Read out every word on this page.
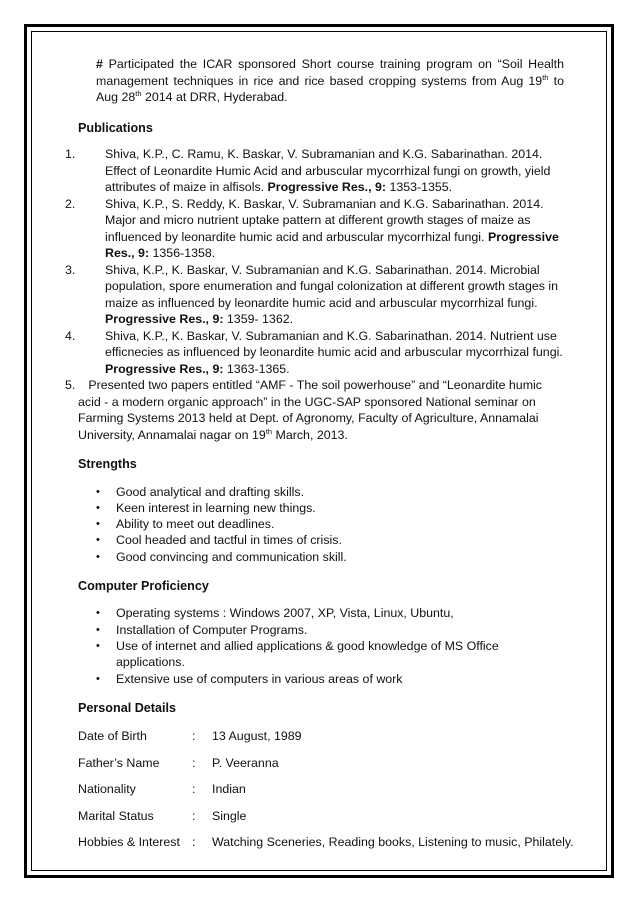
# Participated the ICAR sponsored Short course training program on “Soil Health management techniques in rice and rice based cropping systems from Aug 19th to Aug 28th 2014 at DRR, Hyderabad.

Publications
1. Shiva, K.P., C. Ramu, K. Baskar, V. Subramanian and K.G. Sabarinathan. 2014. Effect of Leonardite Humic Acid and arbuscular mycorrhizal fungi on growth, yield attributes of maize in alfisols. Progressive Res., 9: 1353-1355.
2. Shiva, K.P., S. Reddy, K. Baskar, V. Subramanian and K.G. Sabarinathan. 2014. Major and micro nutrient uptake pattern at different growth stages of maize as influenced by leonardite humic acid and arbuscular mycorrhizal fungi. Progressive Res., 9: 1356-1358.
3. Shiva, K.P., K. Baskar, V. Subramanian and K.G. Sabarinathan. 2014. Microbial population, spore enumeration and fungal colonization at different growth stages in maize as influenced by leonardite humic acid and arbuscular mycorrhizal fungi. Progressive Res., 9: 1359- 1362.
4. Shiva, K.P., K. Baskar, V. Subramanian and K.G. Sabarinathan. 2014. Nutrient use efficnecies as influenced by leonardite humic acid and arbuscular mycorrhizal fungi. Progressive Res., 9: 1363-1365.
5. Presented two papers entitled “AMF - The soil powerhouse” and “Leonardite humic acid - a modern organic approach” in the UGC-SAP sponsored National seminar on Farming Systems 2013 held at Dept. of Agronomy, Faculty of Agriculture, Annamalai University, Annamalai nagar on 19th March, 2013.
Strengths
• Good analytical and drafting skills.
• Keen interest in learning new things.
• Ability to meet out deadlines.
• Cool headed and tactful in times of crisis.
• Good convincing and communication skill.
Computer Proficiency
• Operating systems : Windows 2007, XP, Vista, Linux, Ubuntu,
• Installation of Computer Programs.
• Use of internet and allied applications & good knowledge of MS Office applications.
• Extensive use of computers in various areas of work
Personal Details
Date of Birth	: 13 August, 1989
Father’s Name	: P. Veeranna
Nationality	: Indian
Marital Status	: Single
Hobbies & Interest : Watching Sceneries, Reading books, Listening to music, Philately.
